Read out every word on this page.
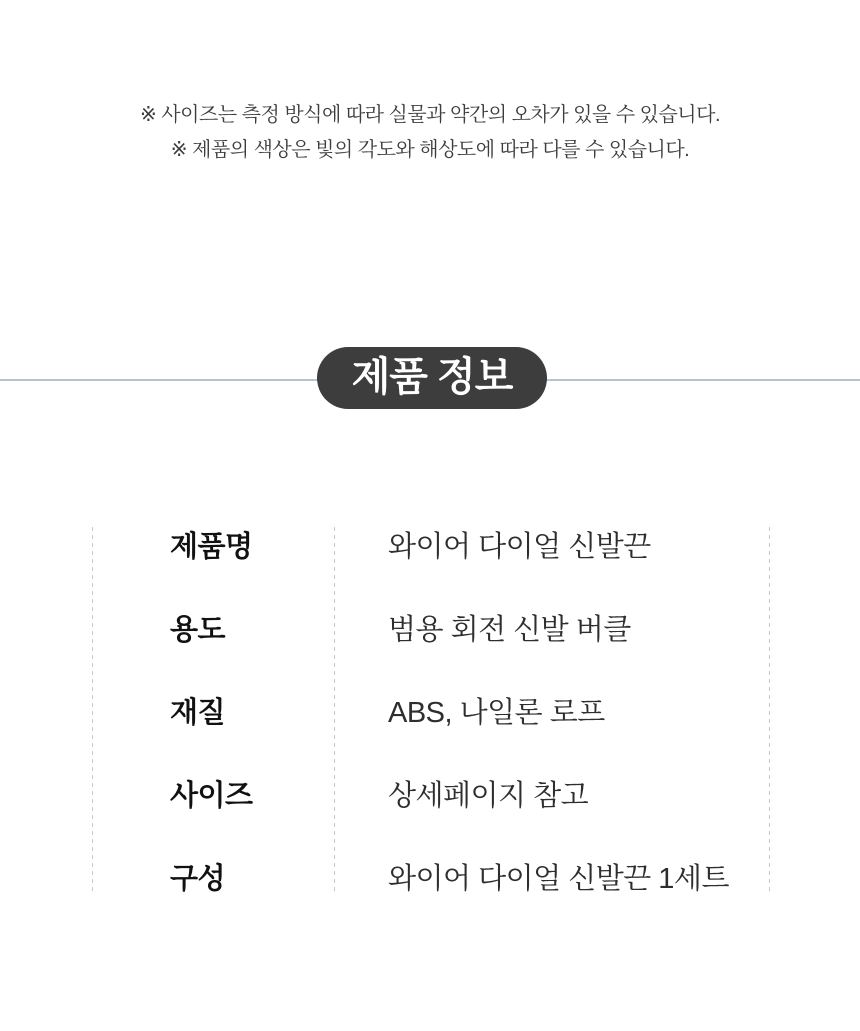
※ 사이즈는 측정 방식에 따라 실물과 약간의 오차가 있을 수 있습니다.
※ 제품의 색상은 빛의 각도와 해상도에 따라 다를 수 있습니다.
제품 정보
제품명	와이어 다이얼 신발끈
용도	범용 회전 신발 버클
재질	ABS, 나일론 로프
사이즈	상세페이지 참고
구성	와이어 다이얼 신발끈 1세트
